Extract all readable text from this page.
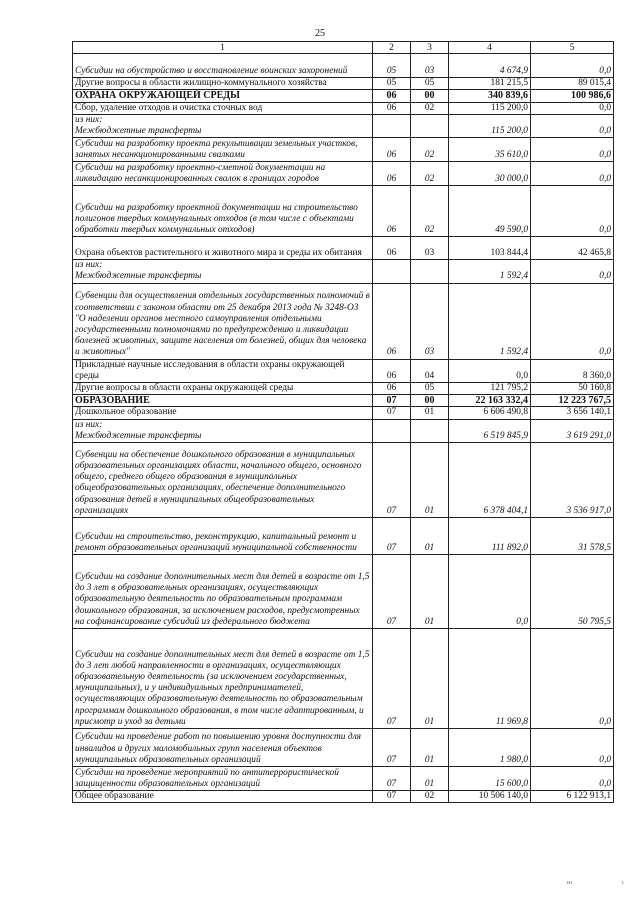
25
1	2	3	4	5
Субсидии на обустройство и восстановление воинских захоронений	05	03	4 674,9	0,0
Другие вопросы в области жилищно-коммунального хозяйства	05	05	181 215,5	89 015,4
ОХРАНА ОКРУЖАЮЩЕЙ СРЕДЫ	06	00	340 839,6	100 986,6
Сбор, удаление отходов и очистка сточных вод	06	02	115 200,0	0,0
из них:
Межбюджетные трансферты			115 200,0	0,0
Субсидии на разработку проекта рекультивации земельных участков, занятых несанкционированными свалками	06	02	35 610,0	0,0
Субсидии на разработку проектно-сметной документации на ликвидацию несанкционированных свалок в границах городов	06	02	30 000,0	0,0
Субсидии на разработку проектной документации на строительство полигонов твердых коммунальных отходов (в том числе с объектами обработки твердых коммунальных отходов)	06	02	49 590,0	0,0
Охрана объектов растительного и животного мира и среды их обитания	06	03	103 844,4	42 465,8
из них:
Межбюджетные трансферты			1 592,4	0,0
Субвенции для осуществления отдельных государственных полномочий в соответствии с законом области от 25 декабря 2013 года № 3248-ОЗ "О наделении органов местного самоуправления отдельными государственными полномочиями по предупреждению и ликвидации болезней животных, защите населения от болезней, общих для человека и животных"	06	03	1 592,4	0,0
Прикладные научные исследования в области охраны окружающей среды	06	04	0,0	8 360,0
Другие вопросы в области охраны окружающей среды	06	05	121 795,2	50 160,8
ОБРАЗОВАНИЕ	07	00	22 163 332,4	12 223 767,5
Дошкольное образование	07	01	6 606 490,8	3 656 140,1
из них:
Межбюджетные трансферты			6 519 845,9	3 619 291,0
Субвенции на обеспечение дошкольного образования в муниципальных образовательных организациях области, начального общего, основного общего, среднего общего образования в муниципальных общеобразовательных организациях, обеспечение дополнительного образования детей в муниципальных общеобразовательных организациях	07	01	6 378 404,1	3 536 917,0
Субсидии на строительство, реконструкцию, капитальный ремонт и ремонт образовательных организаций муниципальной собственности	07	01	111 892,0	31 578,5
Субсидии на создание дополнительных мест для детей в возрасте от 1,5 до 3 лет в образовательных организациях, осуществляющих образовательную деятельность по образовательным программам дошкольного образования, за исключением расходов, предусмотренных на софинансирование субсидий из федерального бюджета	07	01	0,0	50 795,5
Субсидии на создание дополнительных мест для детей в возрасте от 1,5 до 3 лет любой направленности в организациях, осуществляющих образовательную деятельность (за исключением государственных, муниципальных), и у индивидуальных предпринимателей, осуществляющих образовательную деятельность по образовательным программам дошкольного образования, в том числе адаптированным, и присмотр и уход за детьми	07	01	11 969,8	0,0
Субсидии на проведение работ по повышению уровня доступности для инвалидов и других маломобильных групп населения объектов муниципальных образовательных организаций	07	01	1 980,0	0,0
Субсидии на проведение мероприятий по антитеррористической защищенности образовательных организаций	07	01	15 600,0	0,0
Общее образование	07	02	10 506 140,0	6 122 913,1
ııı	ı
